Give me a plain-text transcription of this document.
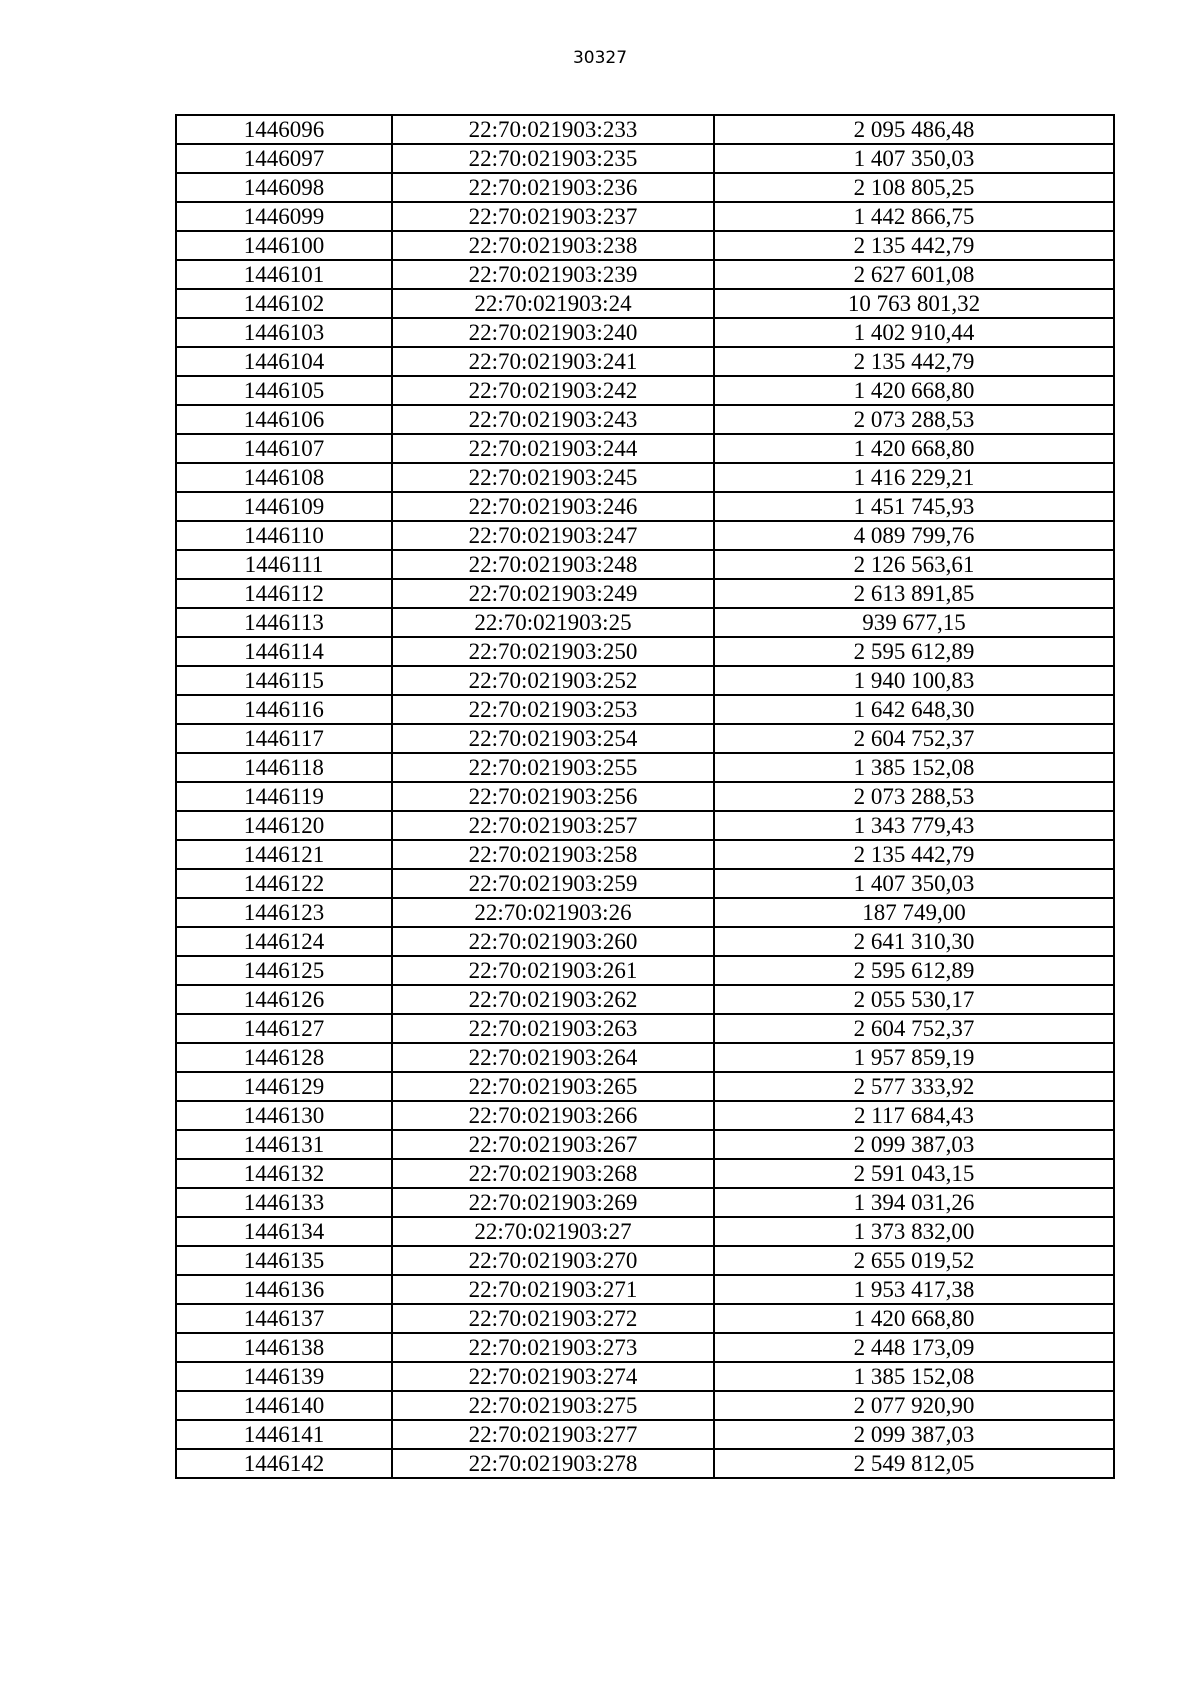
30327
1446096	22:70:021903:233	2 095 486,48
1446097	22:70:021903:235	1 407 350,03
1446098	22:70:021903:236	2 108 805,25
1446099	22:70:021903:237	1 442 866,75
1446100	22:70:021903:238	2 135 442,79
1446101	22:70:021903:239	2 627 601,08
1446102	22:70:021903:24	10 763 801,32
1446103	22:70:021903:240	1 402 910,44
1446104	22:70:021903:241	2 135 442,79
1446105	22:70:021903:242	1 420 668,80
1446106	22:70:021903:243	2 073 288,53
1446107	22:70:021903:244	1 420 668,80
1446108	22:70:021903:245	1 416 229,21
1446109	22:70:021903:246	1 451 745,93
1446110	22:70:021903:247	4 089 799,76
1446111	22:70:021903:248	2 126 563,61
1446112	22:70:021903:249	2 613 891,85
1446113	22:70:021903:25	939 677,15
1446114	22:70:021903:250	2 595 612,89
1446115	22:70:021903:252	1 940 100,83
1446116	22:70:021903:253	1 642 648,30
1446117	22:70:021903:254	2 604 752,37
1446118	22:70:021903:255	1 385 152,08
1446119	22:70:021903:256	2 073 288,53
1446120	22:70:021903:257	1 343 779,43
1446121	22:70:021903:258	2 135 442,79
1446122	22:70:021903:259	1 407 350,03
1446123	22:70:021903:26	187 749,00
1446124	22:70:021903:260	2 641 310,30
1446125	22:70:021903:261	2 595 612,89
1446126	22:70:021903:262	2 055 530,17
1446127	22:70:021903:263	2 604 752,37
1446128	22:70:021903:264	1 957 859,19
1446129	22:70:021903:265	2 577 333,92
1446130	22:70:021903:266	2 117 684,43
1446131	22:70:021903:267	2 099 387,03
1446132	22:70:021903:268	2 591 043,15
1446133	22:70:021903:269	1 394 031,26
1446134	22:70:021903:27	1 373 832,00
1446135	22:70:021903:270	2 655 019,52
1446136	22:70:021903:271	1 953 417,38
1446137	22:70:021903:272	1 420 668,80
1446138	22:70:021903:273	2 448 173,09
1446139	22:70:021903:274	1 385 152,08
1446140	22:70:021903:275	2 077 920,90
1446141	22:70:021903:277	2 099 387,03
1446142	22:70:021903:278	2 549 812,05
